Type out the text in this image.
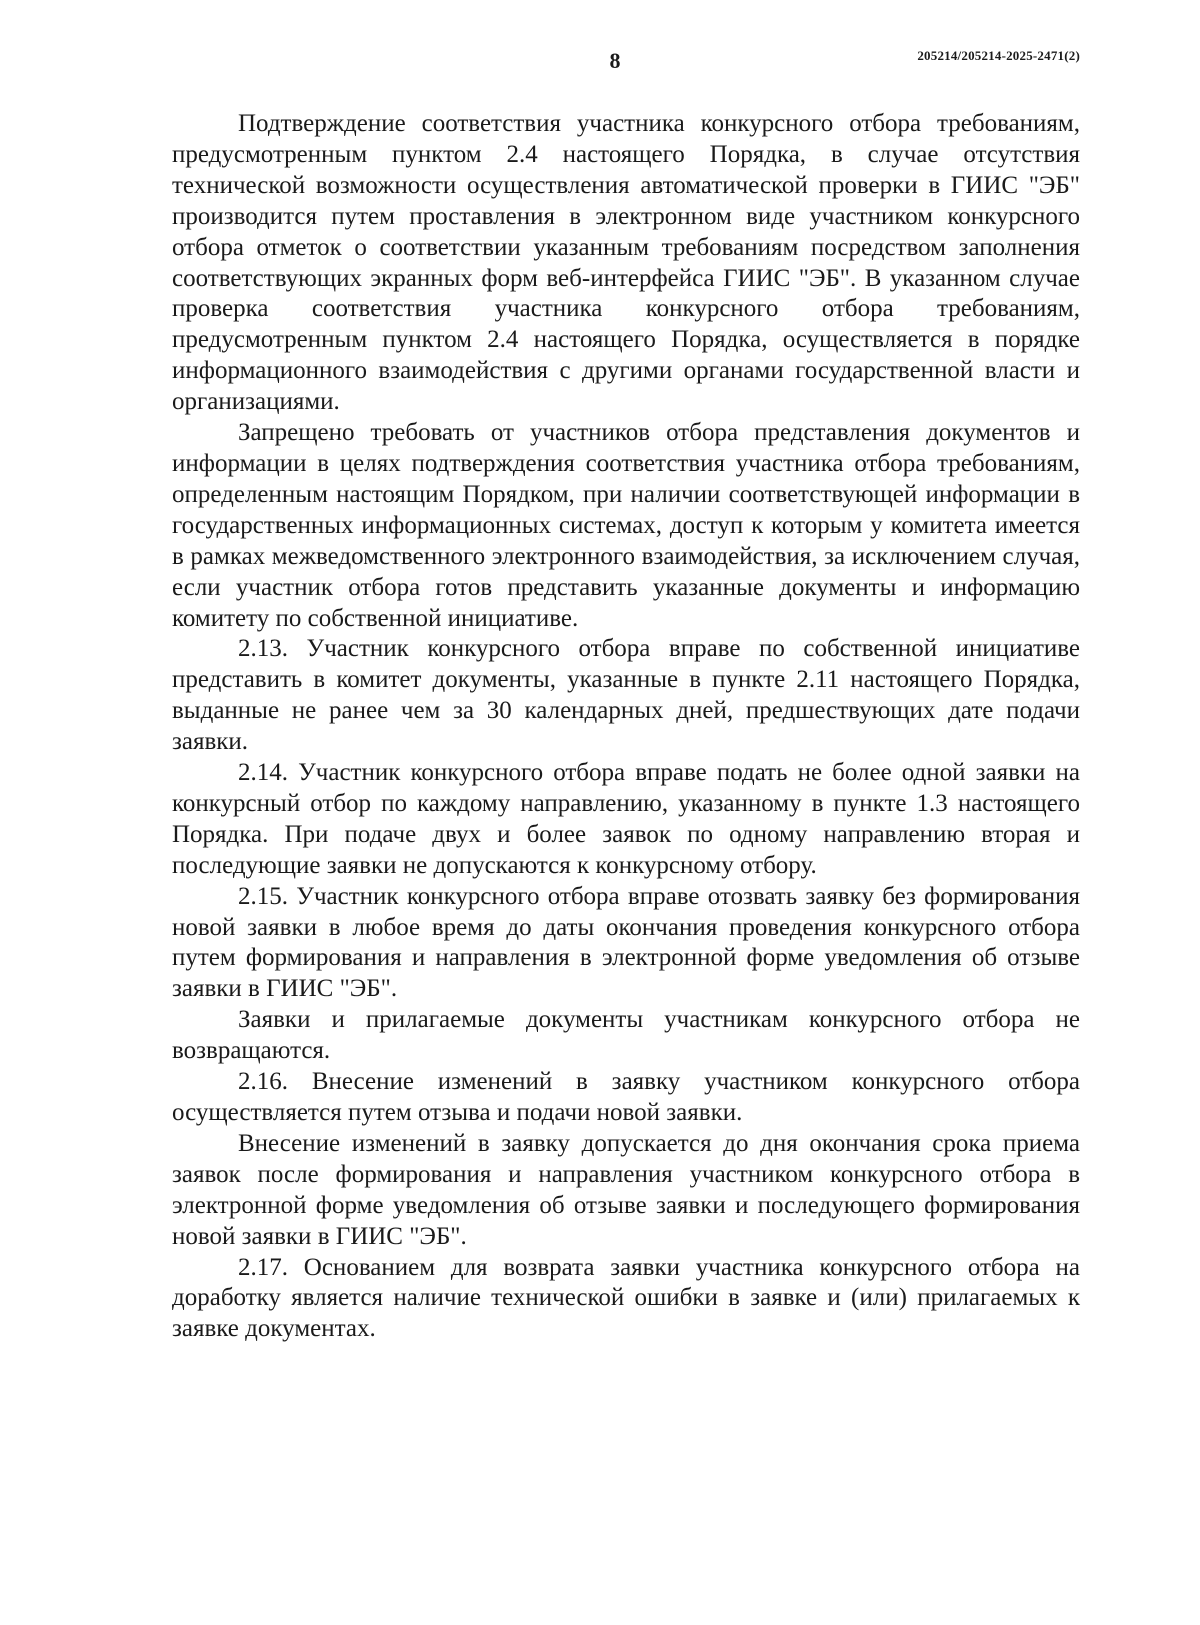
8	205214/205214-2025-2471(2)

Подтверждение соответствия участника конкурсного отбора требованиям, предусмотренным пунктом 2.4 настоящего Порядка, в случае отсутствия технической возможности осуществления автоматической проверки в ГИИС "ЭБ" производится путем проставления в электронном виде участником конкурсного отбора отметок о соответствии указанным требованиям посредством заполнения соответствующих экранных форм веб-интерфейса ГИИС "ЭБ". В указанном случае проверка соответствия участника конкурсного отбора требованиям, предусмотренным пунктом 2.4 настоящего Порядка, осуществляется в порядке информационного взаимодействия с другими органами государственной власти и организациями.

Запрещено требовать от участников отбора представления документов и информации в целях подтверждения соответствия участника отбора требованиям, определенным настоящим Порядком, при наличии соответствующей информации в государственных информационных системах, доступ к которым у комитета имеется в рамках межведомственного электронного взаимодействия, за исключением случая, если участник отбора готов представить указанные документы и информацию комитету по собственной инициативе.

2.13. Участник конкурсного отбора вправе по собственной инициативе представить в комитет документы, указанные в пункте 2.11 настоящего Порядка, выданные не ранее чем за 30 календарных дней, предшествующих дате подачи заявки.

2.14. Участник конкурсного отбора вправе подать не более одной заявки на конкурсный отбор по каждому направлению, указанному в пункте 1.3 настоящего Порядка. При подаче двух и более заявок по одному направлению вторая и последующие заявки не допускаются к конкурсному отбору.

2.15. Участник конкурсного отбора вправе отозвать заявку без формирования новой заявки в любое время до даты окончания проведения конкурсного отбора путем формирования и направления в электронной форме уведомления об отзыве заявки в ГИИС "ЭБ".

Заявки и прилагаемые документы участникам конкурсного отбора не возвращаются.

2.16. Внесение изменений в заявку участником конкурсного отбора осуществляется путем отзыва и подачи новой заявки.

Внесение изменений в заявку допускается до дня окончания срока приема заявок после формирования и направления участником конкурсного отбора в электронной форме уведомления об отзыве заявки и последующего формирования новой заявки в ГИИС "ЭБ".

2.17. Основанием для возврата заявки участника конкурсного отбора на доработку является наличие технической ошибки в заявке и (или) прилагаемых к заявке документах.
